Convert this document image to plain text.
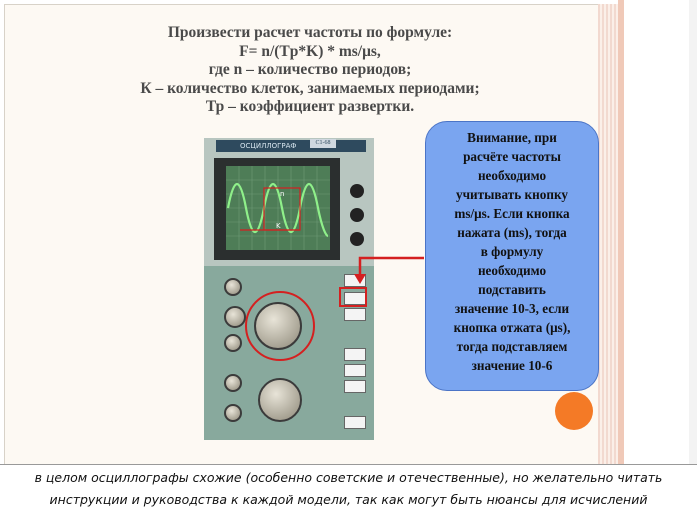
Произвести расчет частоты по формуле:
F= n/(Tp*K) * ms/μs,
где n – количество периодов;
К – количество клеток, занимаемых периодами;
Тр – коэффициент развертки.
ОСЦИЛЛОГРАФ	С1-68
n
K
Внимание, при
расчёте частоты
необходимо
учитывать кнопку
ms/μs. Если кнопка
нажата (ms), тогда
в формулу
необходимо
подставить
значение 10-3, если
кнопка отжата (μs),
тогда подставляем
значение 10-6
в целом осциллографы схожие (особенно советские и отечественные), но желательно читать
инструкции и руководства к каждой модели, так как могут быть нюансы для исчислений
